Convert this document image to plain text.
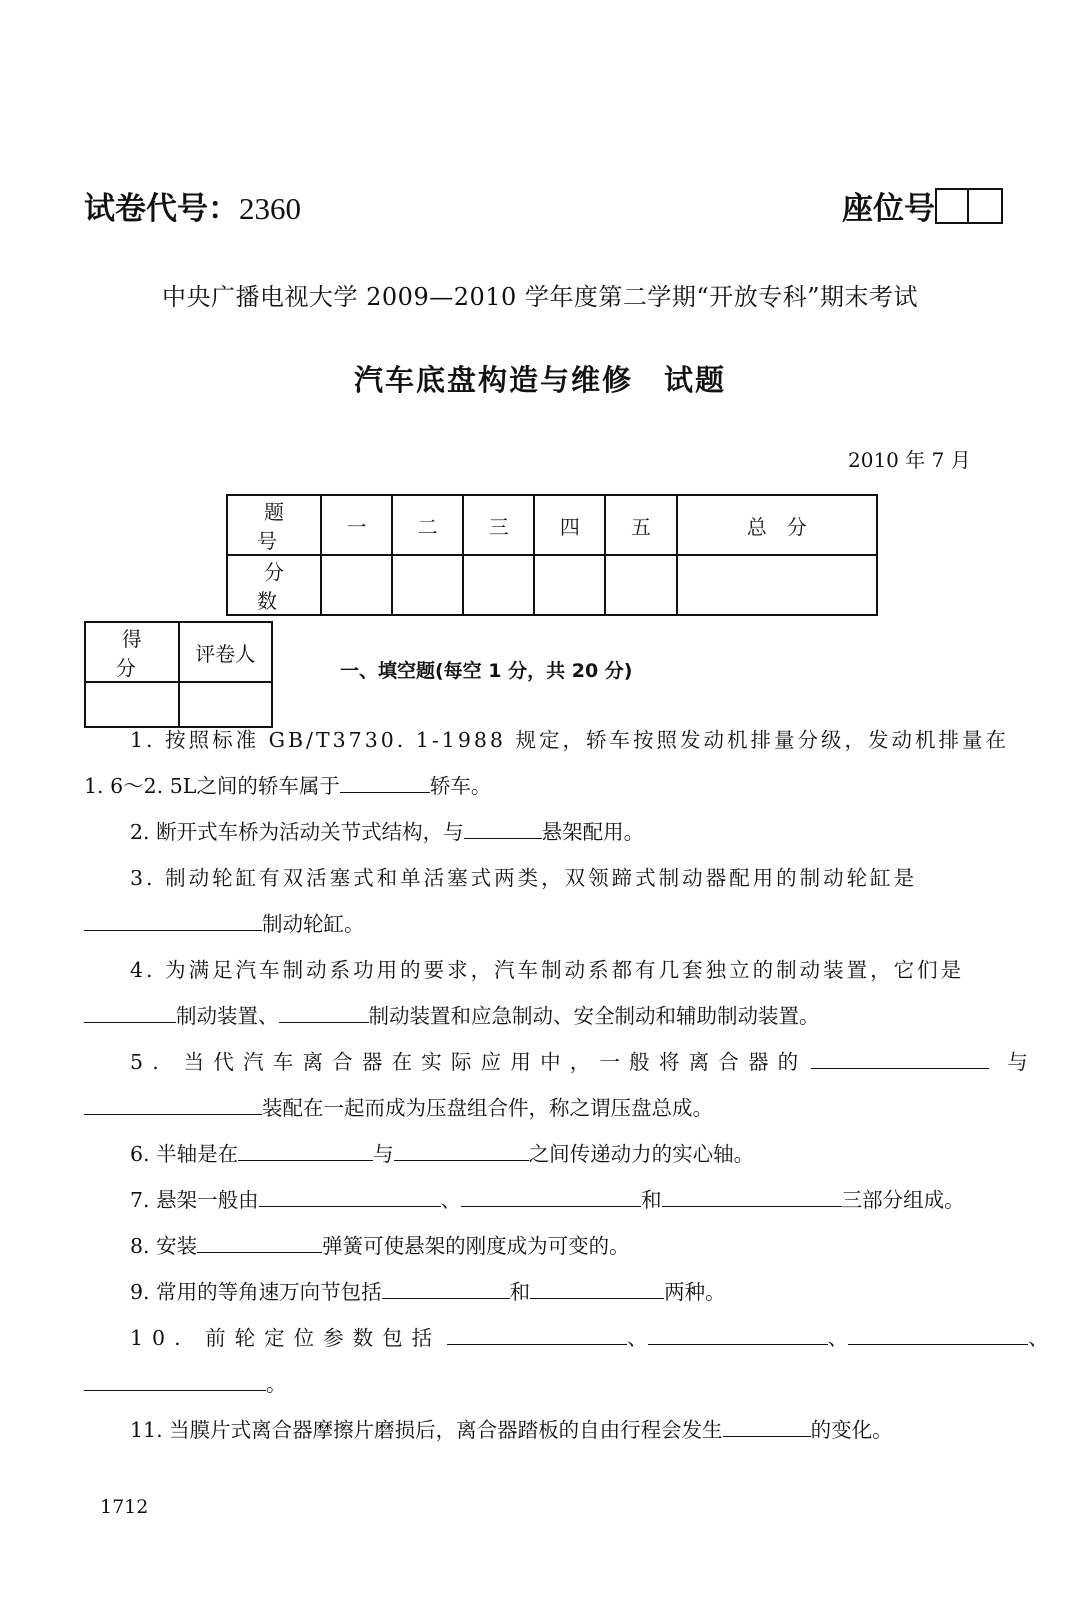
试卷代号：2360	座位号
中央广播电视大学 2009—2010 学年度第二学期“开放专科”期末考试
汽车底盘构造与维修　试题
2010 年 7 月
题　号	一	二	三	四	五	总　分
分　数						
得　分	评卷人

一、填空题(每空 1 分，共 20 分)
1. 按照标准 GB/T3730. 1-1988 规定，轿车按照发动机排量分级，发动机排量在
1. 6～2. 5L之间的轿车属于	轿车。
2. 断开式车桥为活动关节式结构，与	悬架配用。
3. 制动轮缸有双活塞式和单活塞式两类，双领蹄式制动器配用的制动轮缸是
制动轮缸。
4. 为满足汽车制动系功用的要求，汽车制动系都有几套独立的制动装置，它们是
制动装置、	制动装置和应急制动、安全制动和辅助制动装置。
5. 当代汽车离合器在实际应用中，一般将离合器的	与
装配在一起而成为压盘组合件，称之谓压盘总成。
6. 半轴是在	与	之间传递动力的实心轴。
7. 悬架一般由	、	和	三部分组成。
8. 安装	弹簧可使悬架的刚度成为可变的。
9. 常用的等角速万向节包括	和	两种。
10. 前轮定位参数包括	、	、	、
。
11. 当膜片式离合器摩擦片磨损后，离合器踏板的自由行程会发生	的变化。
1712
